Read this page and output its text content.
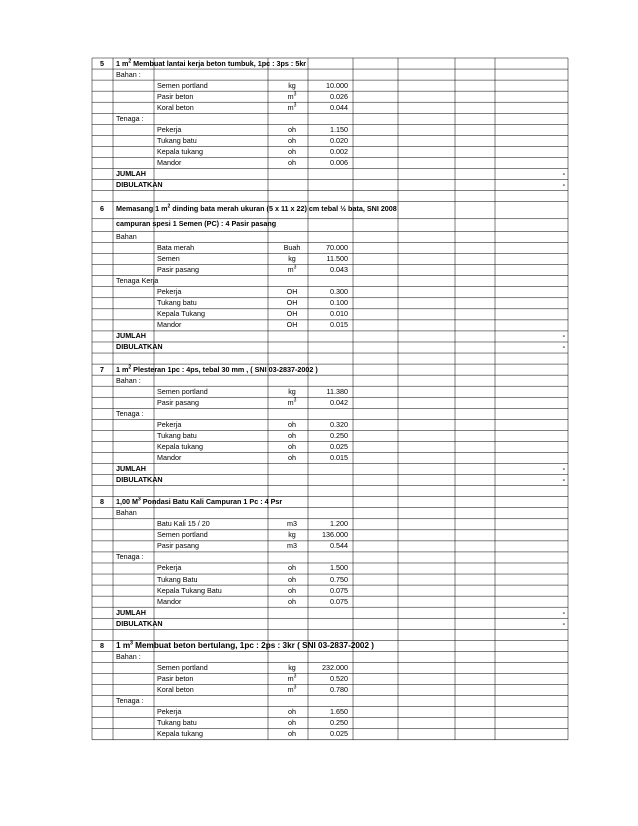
5	1 $m^2$ Membuat lantai kerja beton tumbuk, 1pc : 3ps : 5kr
Bahan :
Semen portland	kg	10.000
Pasir beton	$m^3$	0.026
Koral beton	$m^3$	0.044
Tenaga :
Pekerja	oh	1.150
Tukang batu	oh	0.020
Kepala tukang	oh	0.002
Mandor	oh	0.006
JUMLAH	-
DIBULATKAN	-
6	Memasang 1 $m^2$ dinding bata merah ukuran (5 x 11 x 22) cm tebal ½ bata, SNI 2008
campuran spesi 1 Semen (PC) : 4 Pasir pasang
Bahan
Bata merah	Buah	70.000
Semen	kg	11.500
Pasir pasang	$m^3$	0.043
Tenaga Kerja
Pekerja	OH	0.300
Tukang batu	OH	0.100
Kepala Tukang	OH	0.010
Mandor	OH	0.015
JUMLAH	-
DIBULATKAN	-
7	1 $m^2$ Plesteran 1pc : 4ps, tebal 30 mm , ( SNI 03-2837-2002 )
Bahan :
Semen portland	kg	11.380
Pasir pasang	$m^3$	0.042
Tenaga :
Pekerja	oh	0.320
Tukang batu	oh	0.250
Kepala tukang	oh	0.025
Mandor	oh	0.015
JUMLAH	-
DIBULATKAN	-
8	1,00 $M^3$ Pondasi Batu Kali Campuran 1 Pc : 4 Psr
Bahan
Batu Kali 15 / 20	m3	1.200
Semen portland	kg	136.000
Pasir pasang	m3	0.544
Tenaga :
Pekerja	oh	1.500
Tukang Batu	oh	0.750
Kepala Tukang Batu	oh	0.075
Mandor	oh	0.075
JUMLAH	-
DIBULATKAN	-
8	1 $m^3$ Membuat beton bertulang, 1pc : 2ps : 3kr ( SNI 03-2837-2002 )
Bahan :
Semen portland	kg	232.000
Pasir beton	$m^3$	0.520
Koral beton	$m^3$	0.780
Tenaga :
Pekerja	oh	1.650
Tukang batu	oh	0.250
Kepala tukang	oh	0.025
